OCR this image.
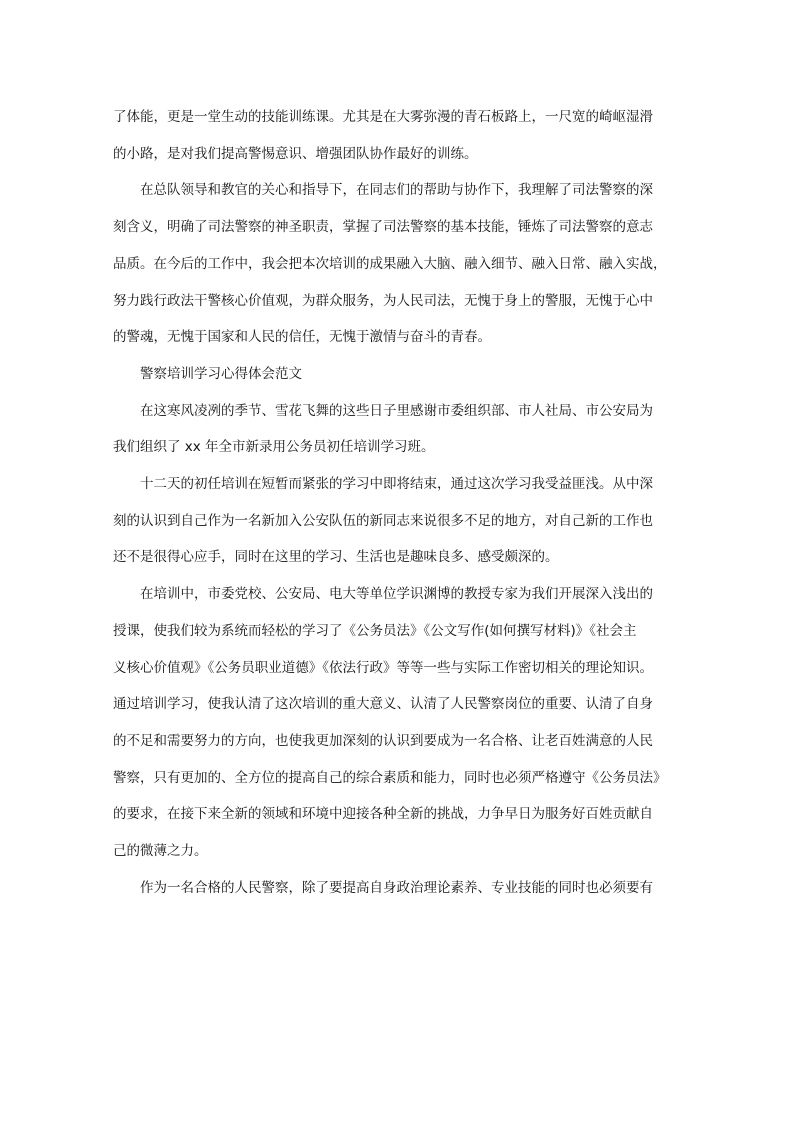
了体能，更是一堂生动的技能训练课。尤其是在大雾弥漫的青石板路上，一尺宽的崎岖湿滑

的小路，是对我们提高警惕意识、增强团队协作最好的训练。

在总队领导和教官的关心和指导下，在同志们的帮助与协作下，我理解了司法警察的深

刻含义，明确了司法警察的神圣职责，掌握了司法警察的基本技能，锤炼了司法警察的意志

品质。在今后的工作中，我会把本次培训的成果融入大脑、融入细节、融入日常、融入实战，

努力践行政法干警核心价值观，为群众服务，为人民司法，无愧于身上的警服，无愧于心中

的警魂，无愧于国家和人民的信任，无愧于激情与奋斗的青春。

警察培训学习心得体会范文

在这寒风凌冽的季节、雪花飞舞的这些日子里感谢市委组织部、市人社局、市公安局为

我们组织了 xx 年全市新录用公务员初任培训学习班。

十二天的初任培训在短暂而紧张的学习中即将结束，通过这次学习我受益匪浅。从中深

刻的认识到自己作为一名新加入公安队伍的新同志来说很多不足的地方，对自己新的工作也

还不是很得心应手，同时在这里的学习、生活也是趣味良多、感受颇深的。

在培训中，市委党校、公安局、电大等单位学识渊博的教授专家为我们开展深入浅出的

授课，使我们较为系统而轻松的学习了《公务员法》《公文写作(如何撰写材料)》《社会主

义核心价值观》《公务员职业道德》《依法行政》等等一些与实际工作密切相关的理论知识。

通过培训学习，使我认清了这次培训的重大意义、认清了人民警察岗位的重要、认清了自身

的不足和需要努力的方向，也使我更加深刻的认识到要成为一名合格、让老百姓满意的人民

警察，只有更加的、全方位的提高自己的综合素质和能力，同时也必须严格遵守《公务员法》

的要求，在接下来全新的领域和环境中迎接各种全新的挑战，力争早日为服务好百姓贡献自

己的微薄之力。

作为一名合格的人民警察，除了要提高自身政治理论素养、专业技能的同时也必须要有
